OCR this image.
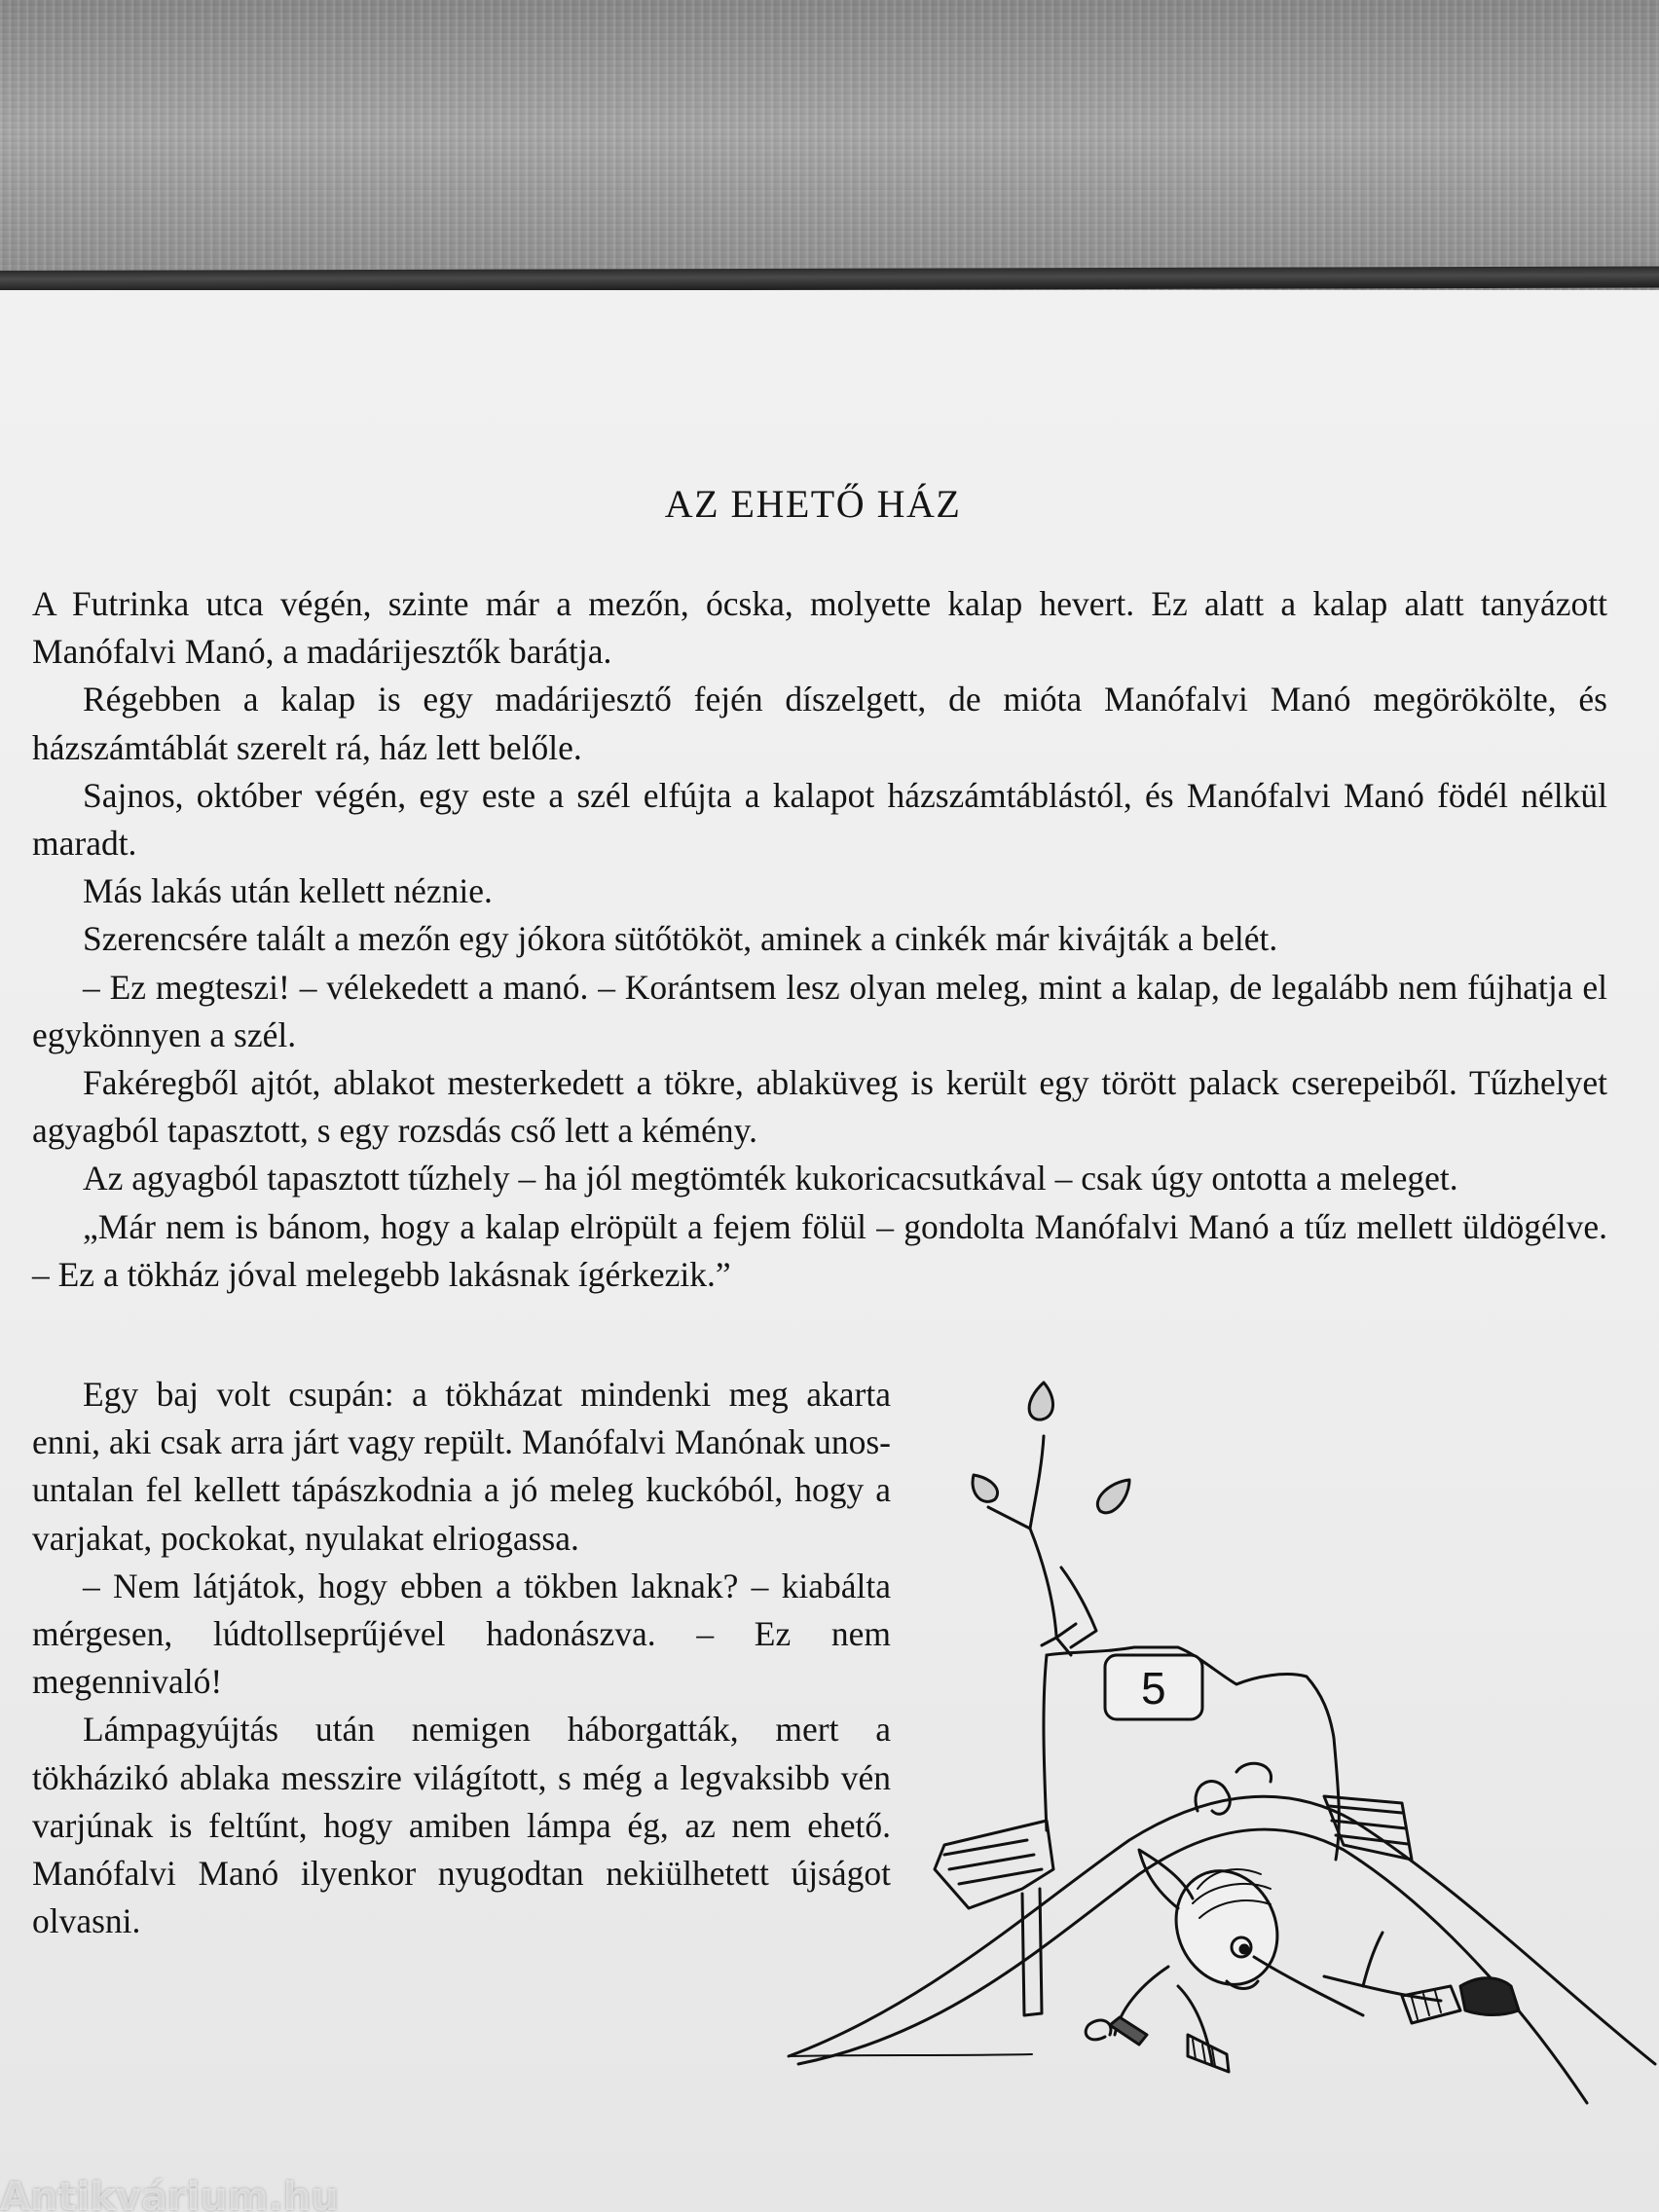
AZ EHETŐ HÁZ

A Futrinka utca végén, szinte már a mezőn, ócska, molyette kalap hevert. Ez alatt a kalap alatt tanyázott Manófalvi Manó, a madárijesztők barátja.

Régebben a kalap is egy madárijesztő fején díszelgett, de mióta Manófalvi Manó megörökölte, és házszámtáblát szerelt rá, ház lett belőle.

Sajnos, október végén, egy este a szél elfújta a kalapot házszámtáblástól, és Manófalvi Manó födél nélkül maradt.

Más lakás után kellett néznie.

Szerencsére talált a mezőn egy jókora sütőtököt, aminek a cinkék már kivájták a belét.

– Ez megteszi! – vélekedett a manó. – Korántsem lesz olyan meleg, mint a kalap, de legalább nem fújhatja el egykönnyen a szél.

Fakéregből ajtót, ablakot mesterkedett a tökre, ablaküveg is került egy törött palack cserepeiből. Tűzhelyet agyagból tapasztott, s egy rozsdás cső lett a kémény.

Az agyagból tapasztott tűzhely – ha jól megtömték kukoricacsutkával – csak úgy ontotta a meleget.

„Már nem is bánom, hogy a kalap elröpült a fejem fölül – gondolta Manófalvi Manó a tűz mellett üldögélve. – Ez a tökház jóval melegebb lakásnak ígérkezik.”

Egy baj volt csupán: a tökházat mindenki meg akarta enni, aki csak arra járt vagy repült. Manófalvi Manónak unos-untalan fel kellett tápászkodnia a jó meleg kuckóból, hogy a varjakat, pockokat, nyulakat elriogassa.

– Nem látjátok, hogy ebben a tökben laknak? – kiabálta mérgesen, lúdtollseprűjével hadonászva. – Ez nem megennivaló!

Lámpagyújtás után nemigen háborgatták, mert a tökházikó ablaka messzire világított, s még a legvaksibb vén varjúnak is feltűnt, hogy amiben lámpa ég, az nem ehető. Manófalvi Manó ilyenkor nyugodtan nekiülhetett újságot olvasni.

5
Antikvárium.hu
